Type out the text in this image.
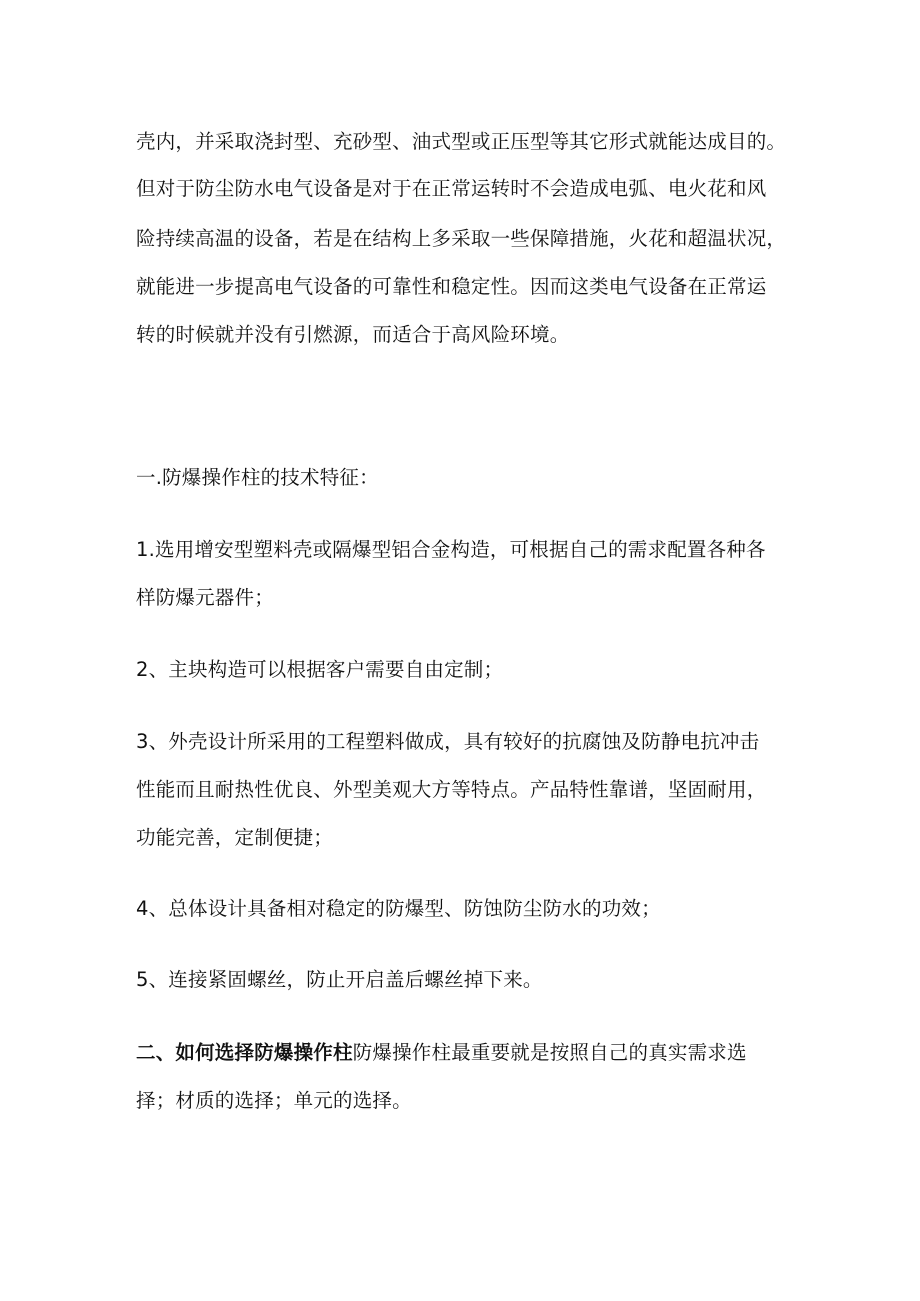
壳内，并采取浇封型、充砂型、油式型或正压型等其它形式就能达成目的。
但对于防尘防水电气设备是对于在正常运转时不会造成电弧、电火花和风
险持续高温的设备，若是在结构上多采取一些保障措施，火花和超温状况，
就能进一步提高电气设备的可靠性和稳定性。因而这类电气设备在正常运
转的时候就并没有引燃源，而适合于高风险环境。
一.防爆操作柱的技术特征：
1.选用增安型塑料壳或隔爆型铝合金构造，可根据自己的需求配置各种各
样防爆元器件；
2、主块构造可以根据客户需要自由定制；
3、外壳设计所采用的工程塑料做成，具有较好的抗腐蚀及防静电抗冲击
性能而且耐热性优良、外型美观大方等特点。产品特性靠谱，坚固耐用，
功能完善，定制便捷；
4、总体设计具备相对稳定的防爆型、防蚀防尘防水的功效；
5、连接紧固螺丝，防止开启盖后螺丝掉下来。
二、如何选择防爆操作柱防爆操作柱最重要就是按照自己的真实需求选
择；材质的选择；单元的选择。
